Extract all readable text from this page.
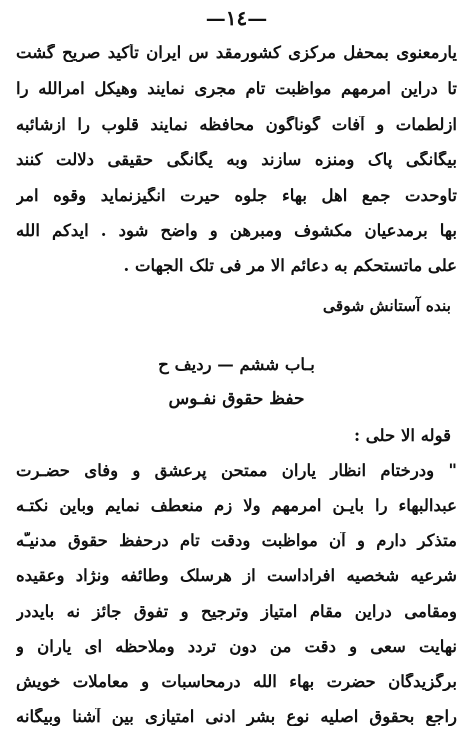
—١٤—
یارمعنوی بمحفل مرکزی کشورمقد س ایران تأکید صریح گشت
تا دراین امرمهم مواظبت تام مجری نمایند وهیکل امرالله را
ازلطمات و آفات گوناگون محافظه نمایند قلوب را ازشائبه
بیگانگی پاک ومنزه سازند وبه یگانگی حقیقی دلالت کنند
تاوحدت جمع اهل بهاء جلوه حیرت انگیزنماید وقوه امر
بها برمدعیان مکشوف ومبرهن و واضح شود . ایدکم الله
علی ماتستحکم به دعائم الا مر فی تلک الجهات .
بنده آستانش شوقی
بـاب ششم — ردیف ح
حفظ حقوق نفـوس
قوله الا حلی :
" ودرختام انظار یاران ممتحن پرعشق و وفای حضـرت
عبدالبهاء را بایـن امرمهم ولا زم منعطف نمایم وباین نکتـه
متذکر دارم و آن مواظبت ودقت تام درحفظ حقوق مدنیـّه
شرعیه شخصیه افراداست از هرسلک وطائفه ونژاد وعقیده
ومقامی دراین مقام امتیاز وترجیح و تفوق جائز نه بایددر
نهایت سعی و دقت من دون تردد وملاحظه ای یاران و
برگزیدگان حضرت بهاء الله درمحاسبات و معاملات خویش
راجع بحقوق اصلیه نوع بشر ادنی امتیازی بین آشنا وبیگانه
